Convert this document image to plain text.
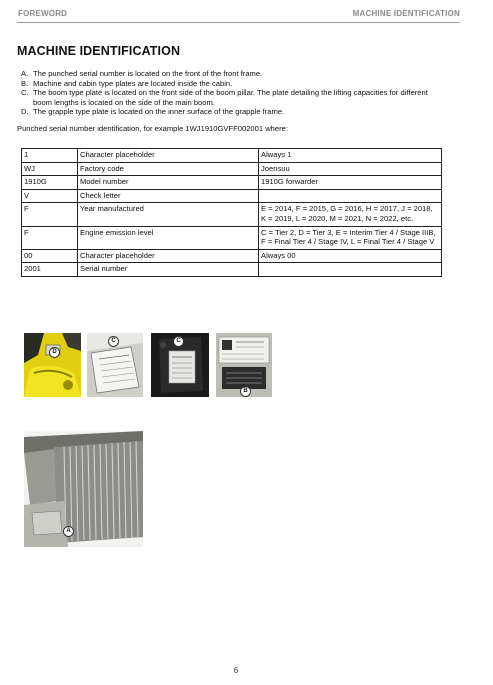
FOREWORD	MACHINE IDENTIFICATION
MACHINE IDENTIFICATION
A. The punched serial number is located on the front of the front frame.
B. Machine and cabin type plates are located inside the cabin.
C. The boom type plate is located on the front side of the boom pillar. The plate detailing the lifting capacities for different boom lengths is located on the side of the main boom.
D. The grapple type plate is located on the inner surface of the grapple frame.
Punched serial number identification, for example 1WJ1910GVFF002001 where:
1	Character placeholder	Always 1
WJ	Factory code	Joensuu
1910G	Model number	1910G forwarder
V	Check letter	
F	Year manufactured	E = 2014, F = 2015, G = 2016, H = 2017, J = 2018, K = 2019, L = 2020, M = 2021, N = 2022, etc.
F	Engine emission level	C = Tier 2, D = Tier 3, E = Interim Tier 4 / Stage IIIB, F = Final Tier 4 / Stage IV, L = Final Tier 4 / Stage V
00	Character placeholder	Always 00
2001	Serial number	
D
C	C
B
A
6
